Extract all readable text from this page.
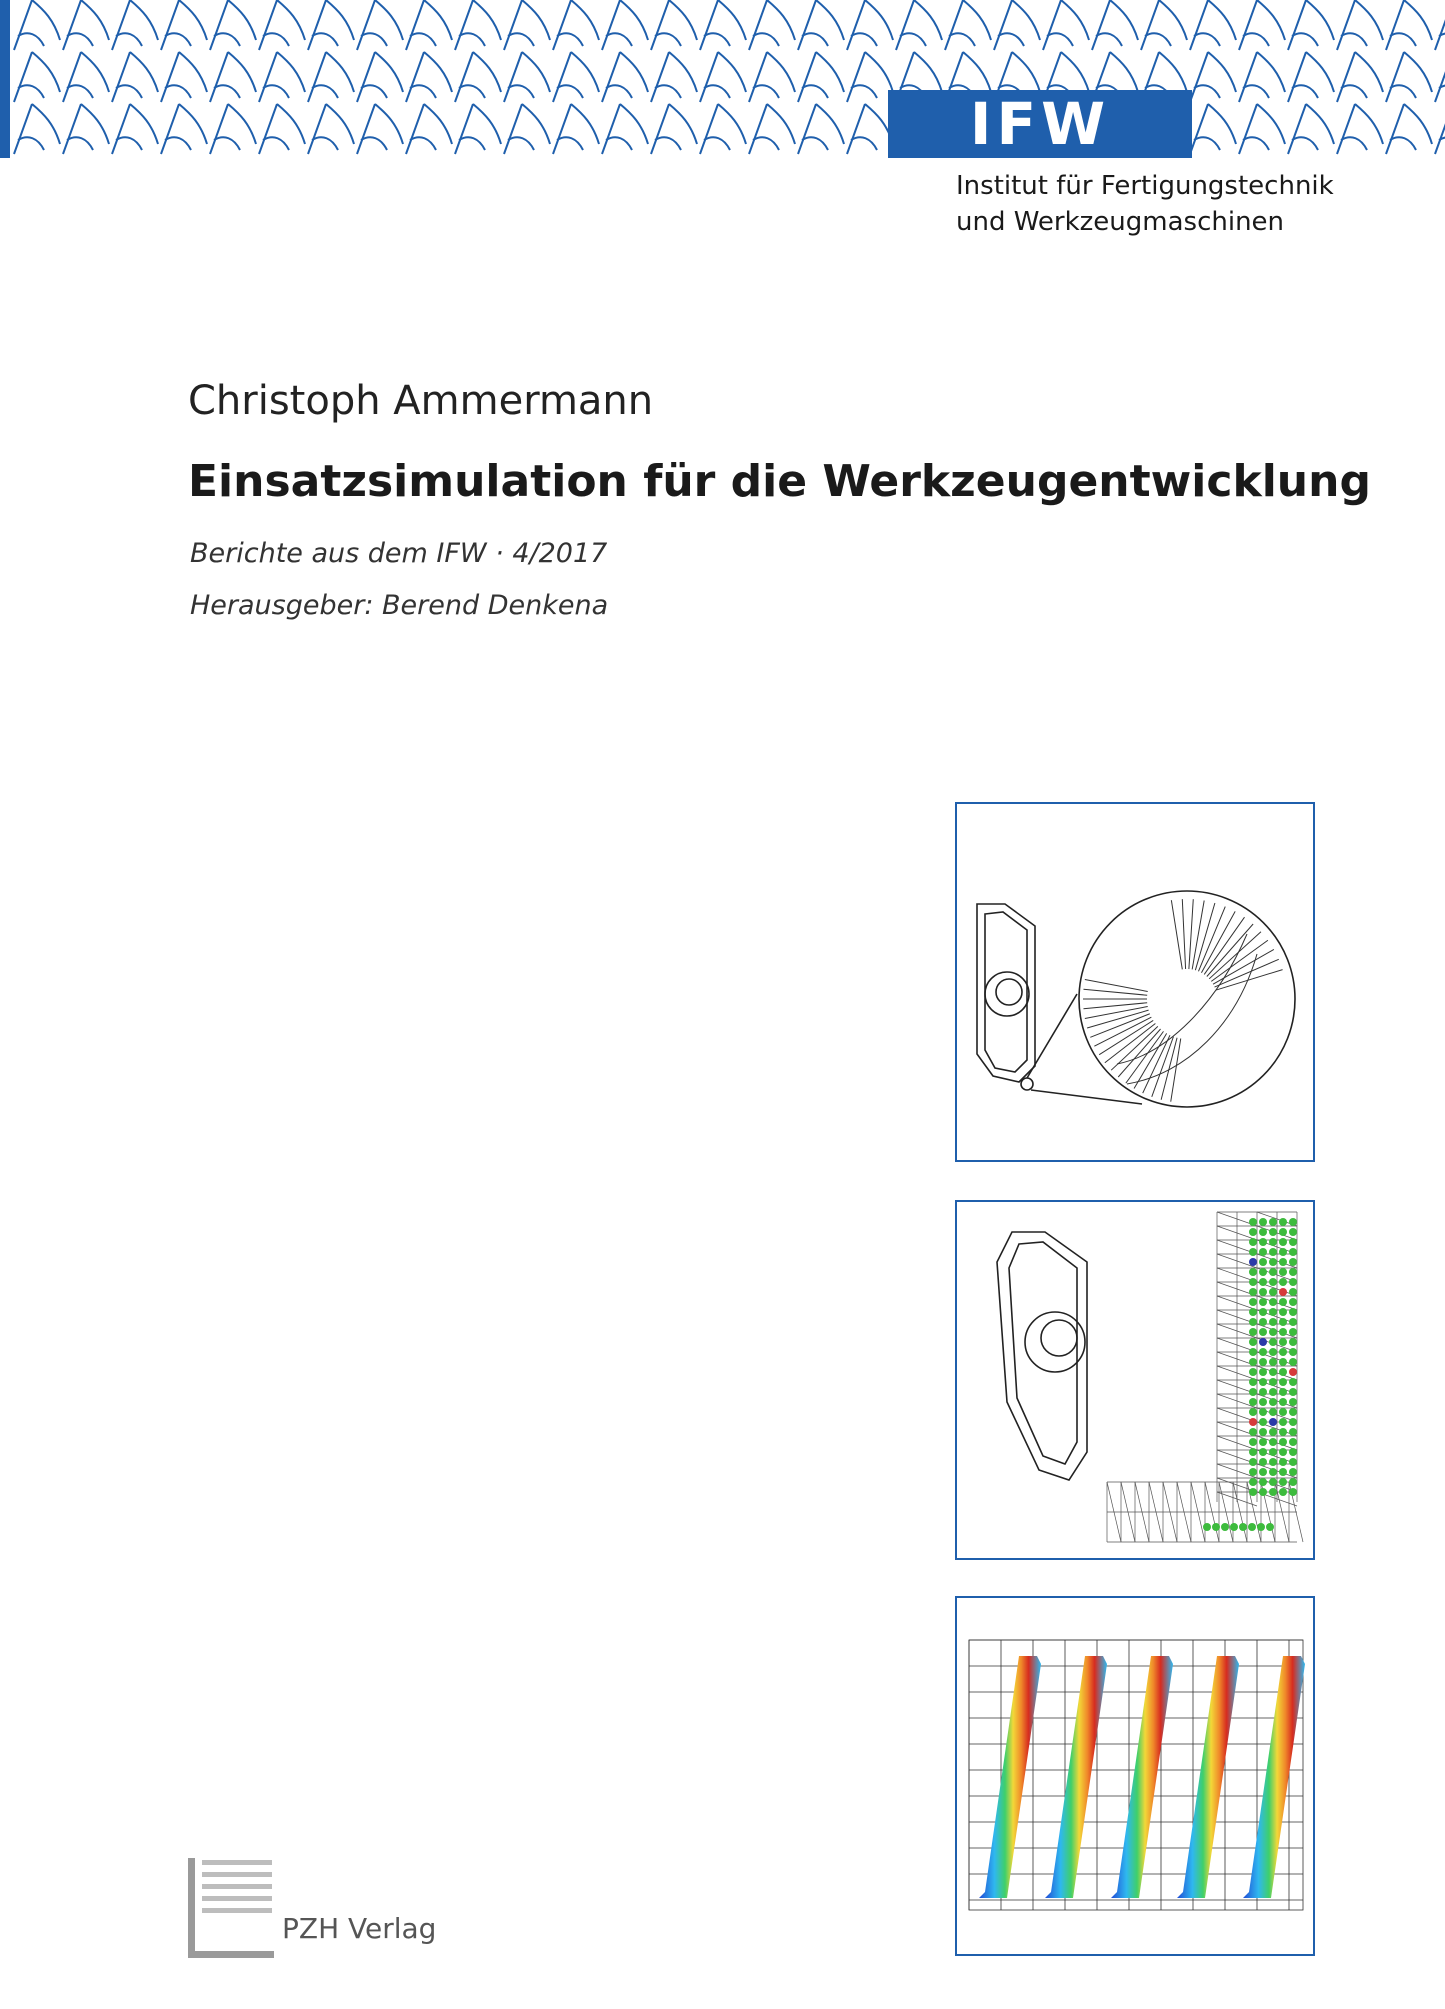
IFW
Institut für Fertigungstechnik
und Werkzeugmaschinen
Christoph Ammermann
Einsatzsimulation für die Werkzeugentwicklung
Berichte aus dem IFW · 4/2017
Herausgeber: Berend Denkena
PZH Verlag
